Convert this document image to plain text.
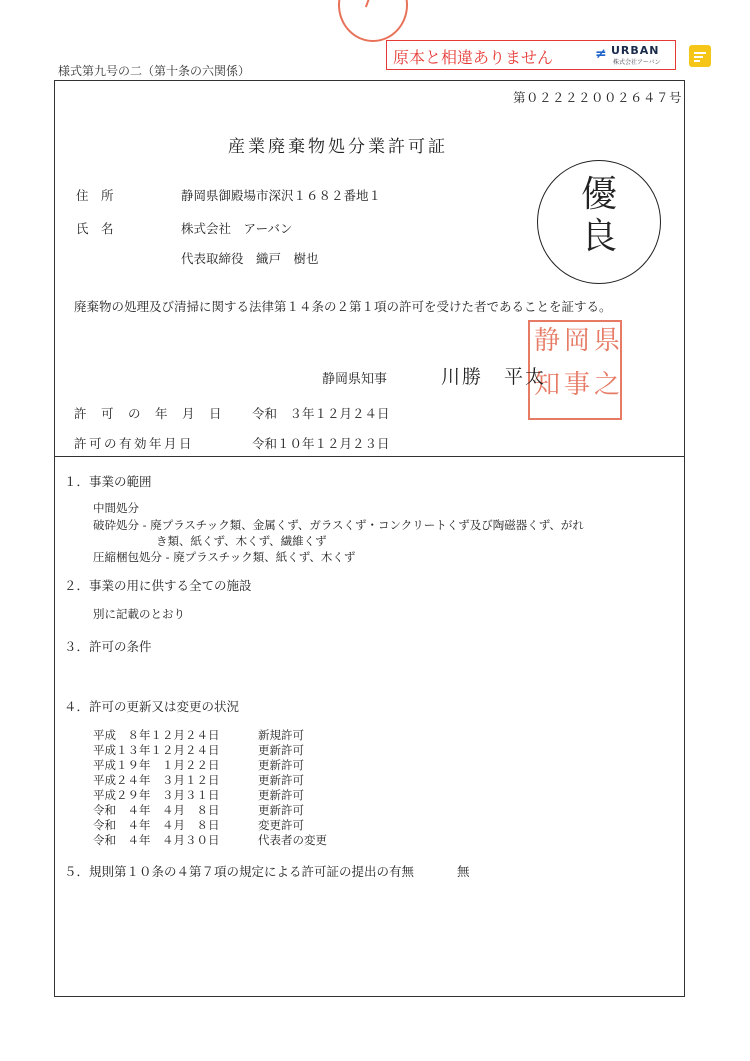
原本と相違ありません	≠ URBAN
株式会社アーバン
様式第九号の二（第十条の六関係）
第０２２２２００２６４７号
産業廃棄物処分業許可証
住　所	静岡県御殿場市深沢１６８２番地１
氏　名	株式会社　アーバン
代表取締役　織戸　樹也
優
良
廃棄物の処理及び清掃に関する法律第１４条の２第１項の許可を受けた者であることを証する。
県
岡
静
之
事
知
静岡県知事	川勝　平太
許　可　の　年　月　日 令和　３年１２月２４日
許可の有効年月日	令和１０年１２月２３日
１．事業の範囲
中間処分
破砕処分 - 廃プラスチック類、金属くず、ガラスくず・コンクリートくず及び陶磁器くず、がれ
き類、紙くず、木くず、繊維くず
圧縮梱包処分 - 廃プラスチック類、紙くず、木くず
２．事業の用に供する全ての施設
別に記載のとおり
３．許可の条件
４．許可の更新又は変更の状況
平成　８年１２月２４日	新規許可
平成１３年１２月２４日	更新許可
平成１９年　１月２２日	更新許可
平成２４年　３月１２日	更新許可
平成２９年　３月３１日	更新許可
令和　４年　４月　８日	更新許可
令和　４年　４月　８日	変更許可
令和　４年　４月３０日	代表者の変更
５．規則第１０条の４第７項の規定による許可証の提出の有無	無
